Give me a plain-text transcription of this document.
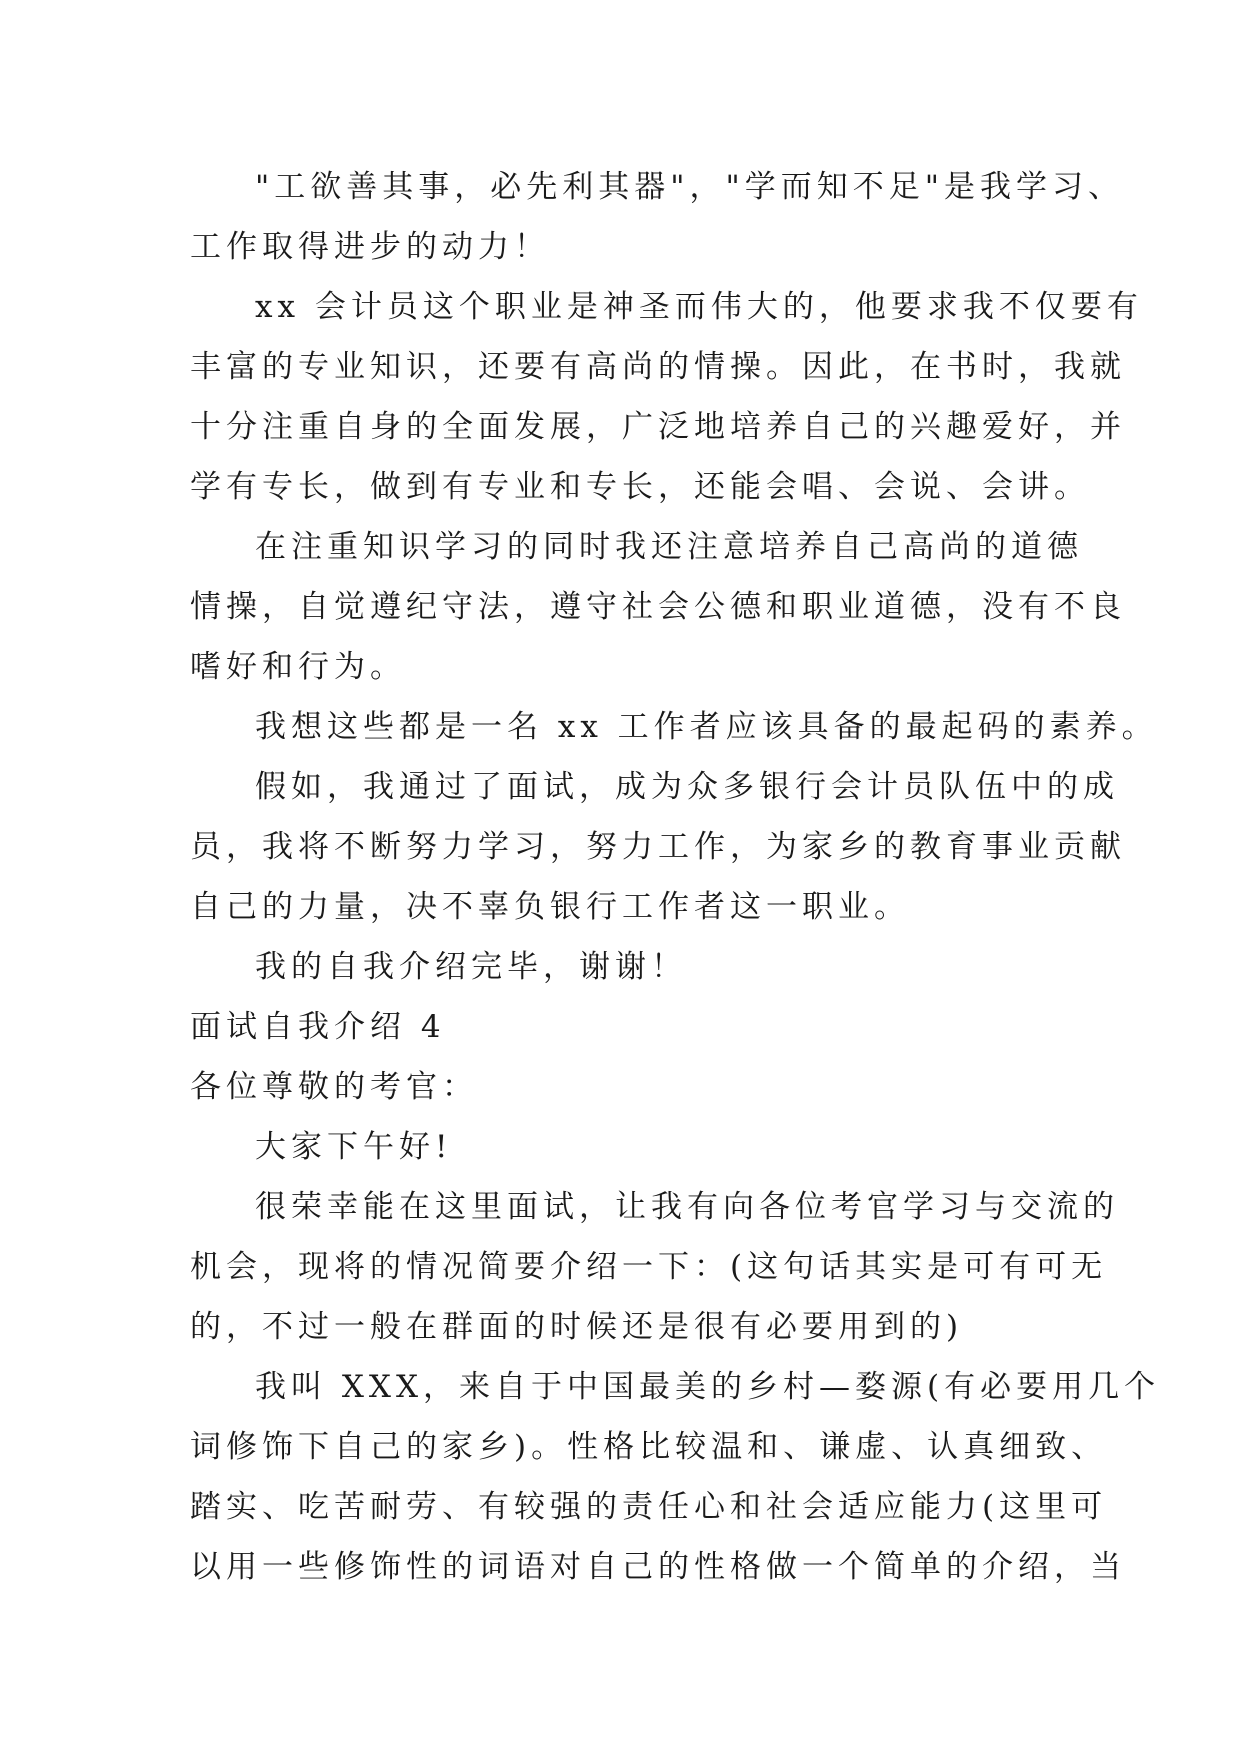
"工欲善其事，必先利其器"，"学而知不足"是我学习、
工作取得进步的动力！
xx 会计员这个职业是神圣而伟大的，他要求我不仅要有
丰富的专业知识，还要有高尚的情操。因此，在书时，我就
十分注重自身的全面发展，广泛地培养自己的兴趣爱好，并
学有专长，做到有专业和专长，还能会唱、会说、会讲。
在注重知识学习的同时我还注意培养自己高尚的道德
情操，自觉遵纪守法，遵守社会公德和职业道德，没有不良
嗜好和行为。
我想这些都是一名 xx 工作者应该具备的最起码的素养。
假如，我通过了面试，成为众多银行会计员队伍中的成
员，我将不断努力学习，努力工作，为家乡的教育事业贡献
自己的力量，决不辜负银行工作者这一职业。
我的自我介绍完毕，谢谢！
面试自我介绍 4
各位尊敬的考官：
大家下午好!
很荣幸能在这里面试，让我有向各位考官学习与交流的
机会，现将的情况简要介绍一下：(这句话其实是可有可无
的，不过一般在群面的时候还是很有必要用到的)
我叫 XXX，来自于中国最美的乡村—婺源(有必要用几个
词修饰下自己的家乡)。性格比较温和、谦虚、认真细致、
踏实、吃苦耐劳、有较强的责任心和社会适应能力(这里可
以用一些修饰性的词语对自己的性格做一个简单的介绍，当
